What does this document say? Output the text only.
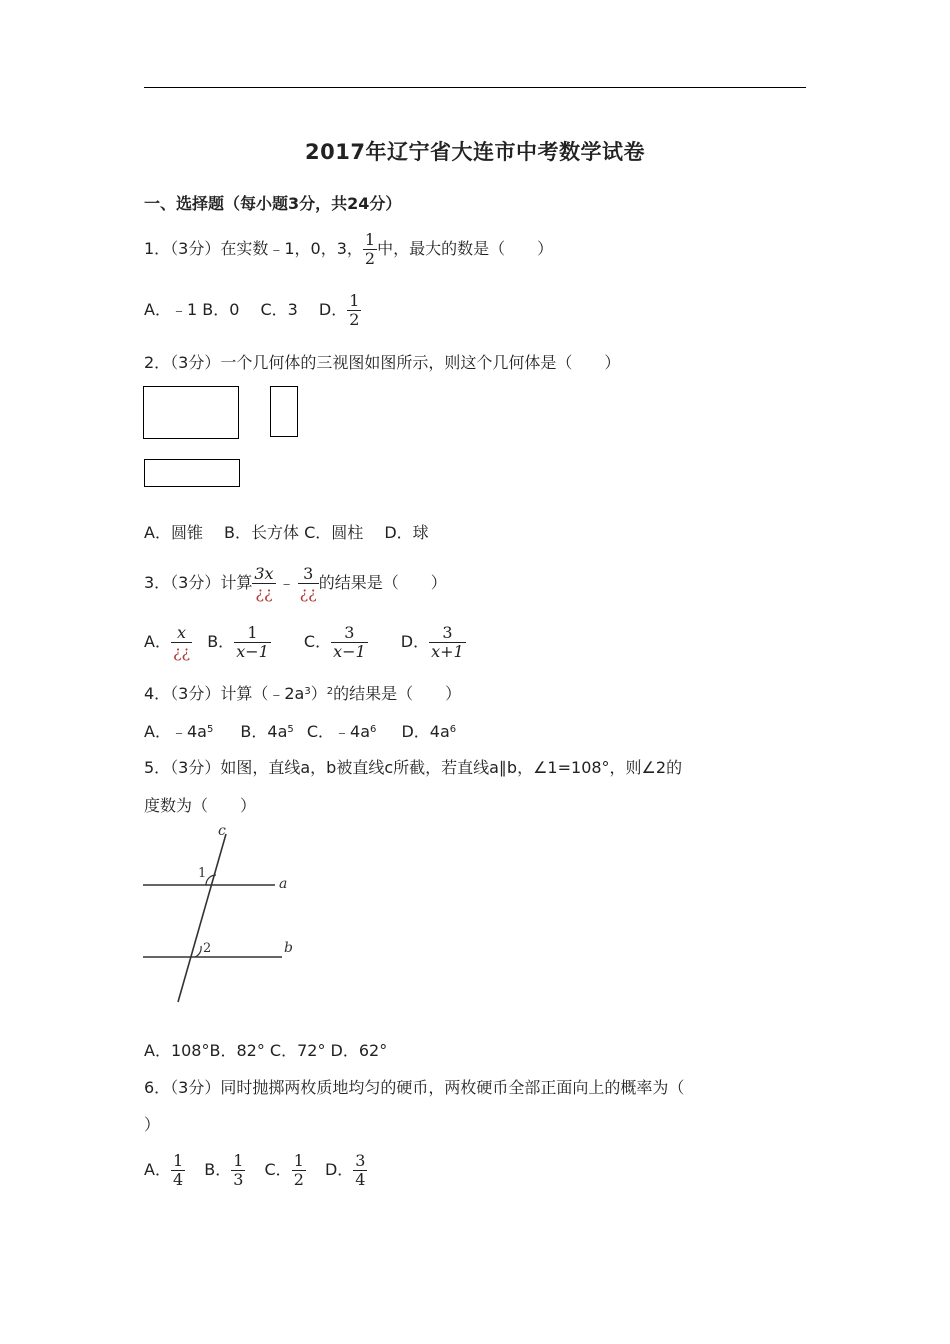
2017年辽宁省大连市中考数学试卷
一、选择题（每小题3分，共24分）
1．（3分）在实数﹣1，0，3， $\frac{1}{2}$ 中，最大的数是（　　）
A．﹣1 B．0　 C．3　 D． $\frac{1}{2}$
2．（3分）一个几何体的三视图如图所示，则这个几何体是（　　）
A．圆锥　 B．长方体 C．圆柱　 D．球
3．（3分）计算 $\frac{3x}{¿¿}$ ﹣ $\frac{3}{¿¿}$ 的结果是（　　）
A． $\frac{x}{¿¿}$ B． $\frac{1}{x-1}$ C． $\frac{3}{x-1}$ D． $\frac{3}{x+1}$
4．（3分）计算$(﹣2a^3)^2$的结果是（　　）
A．$﹣4a^5$ B．$4a^5$ C．$﹣4a^6$ D．$4a^6$
5．（3分）如图，直线a，b被直线c所截，若直线a∥b，∠1=108°，则∠2的
度数为（　　）
c
a
b
1
2
A．108°B．82° C．72° D．62°
6．（3分）同时抛掷两枚质地均匀的硬币，两枚硬币全部正面向上的概率为（
）
A． $\frac{1}{4}$ B． $\frac{1}{3}$ C． $\frac{1}{2}$ D． $\frac{3}{4}$
